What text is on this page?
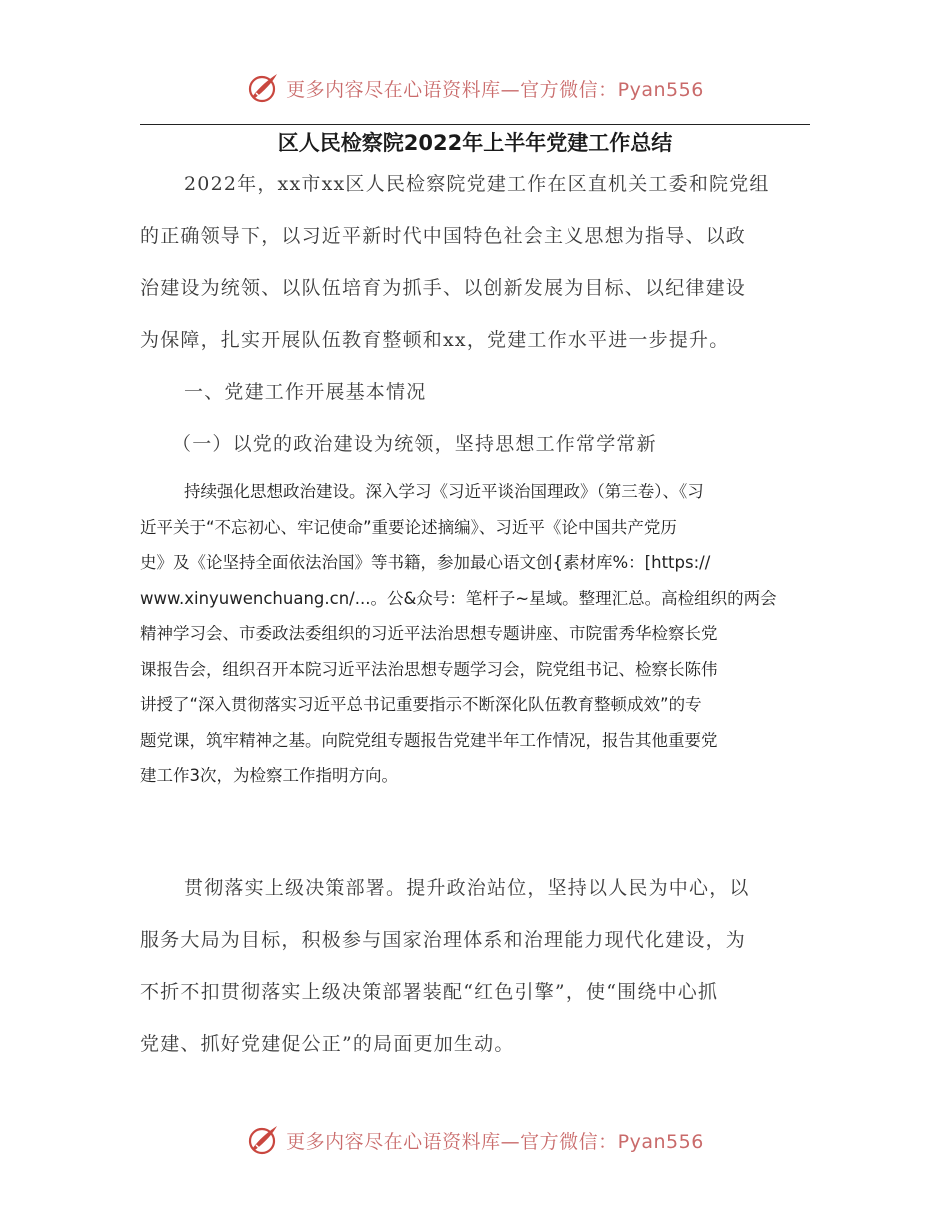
更多内容尽在心语资料库—官方微信：Pyan556
区人民检察院2022年上半年党建工作总结

2022年，xx市xx区人民检察院党建工作在区直机关工委和院党组
的正确领导下，以习近平新时代中国特色社会主义思想为指导、以政
治建设为统领、以队伍培育为抓手、以创新发展为目标、以纪律建设
为保障，扎实开展队伍教育整顿和xx，党建工作水平进一步提升。

一、党建工作开展基本情况

（一）以党的政治建设为统领，坚持思想工作常学常新

持续强化思想政治建设。深入学习《习近平谈治国理政》（第三卷）、《习
近平关于“不忘初心、牢记使命”重要论述摘编》、习近平《论中国共产党历
史》及《论坚持全面依法治国》等书籍，参加最心语文创{素材库%：[https://
www.xinyuwenchuang.cn/...。公&众号：笔杆子~星域。整理汇总。高检组织的两会
精神学习会、市委政法委组织的习近平法治思想专题讲座、市院雷秀华检察长党
课报告会，组织召开本院习近平法治思想专题学习会，院党组书记、检察长陈伟
讲授了“深入贯彻落实习近平总书记重要指示不断深化队伍教育整顿成效”的专
题党课，筑牢精神之基。向院党组专题报告党建半年工作情况，报告其他重要党
建工作3次，为检察工作指明方向。

贯彻落实上级决策部署。提升政治站位，坚持以人民为中心，以
服务大局为目标，积极参与国家治理体系和治理能力现代化建设，为
不折不扣贯彻落实上级决策部署装配“红色引擎”，使“围绕中心抓
党建、抓好党建促公正”的局面更加生动。

更多内容尽在心语资料库—官方微信：Pyan556
